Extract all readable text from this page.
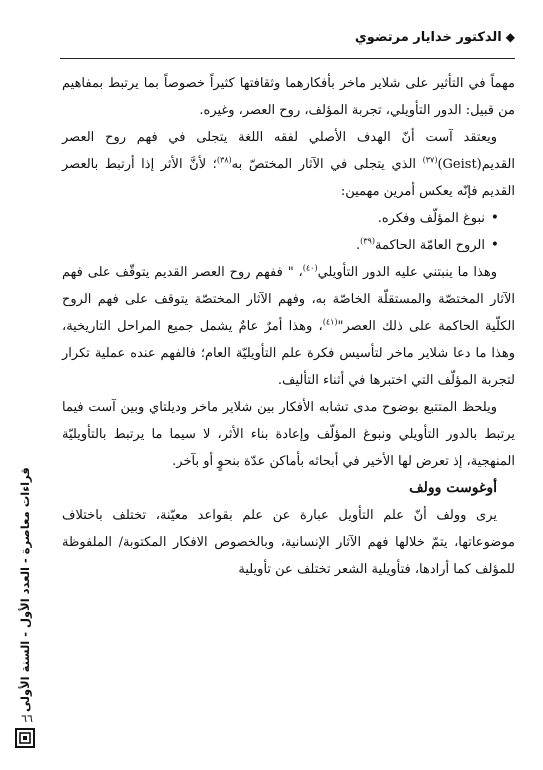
◆الدكتور خدايار مرتضوي

مهماً في التأثير على شلاير ماخر بأفكارهما وثقافتها كثيراً خصوصاً بما يرتبط بمفاهيم من قبيل: الدور التأويلي، تجربة المؤلف، روح العصر، وغيره.

ويعتقد آست أنّ الهدف الأصلي لفقه اللغة يتجلى في فهم روح العصر القديم(Geist)$^{(٣٧)}$ الذي يتجلى في الآثار المختصّ به$^{(٣٨)}$؛ لأنَّ الأثر إذا أرتبط بالعصر القديم فإنّه يعكس أمرين مهمين:

• نبوغ المؤلّف وفكره.
• الروح العامّة الحاكمة$^{(٣٩)}$.

وهذا ما ينبتني عليه الدور التأويلي$^{(٤٠)}$، " ففهم روح العصر القديم يتوقّف على فهم الآثار المختصّة والمستقلّة الخاصّة به، وفهم الآثار المختصّة يتوقف على فهم الروح الكلّية الحاكمة على ذلك العصر"$^{(٤١)}$، وهذا أمرٌ عامٌ يشمل جميع المراحل التاريخية، وهذا ما دعا شلاير ماخر لتأسيس فكرة علم التأويليّة العام؛ فالفهم عنده عملية تكرار لتجربة المؤلّف التي اختبرها في أثناء التأليف.

ويلحظ المتتبع بوضوح مدى تشابه الأفكار بين شلاير ماخر وديلتاي وبين آست فيما يرتبط بالدور التأويلي ونبوغ المؤلّف وإعادة بناء الأثر، لا سيما ما يرتبط بالتأويليّة المنهجية، إذ تعرض لها الأخير في أبحاثه بأماكن عدّة بنحوٍ أو بآخر.

أوغوست وولف

يرى وولف أنّ علم التأويل عبارة عن علم بقواعد معيّنة، تختلف باختلاف موضوعاتها، يتمّ خلالها فهم الآثار الإنسانية، وبالخصوص الافكار المكتوبة/ الملفوظة للمؤلف كما أرادها، فتأويلية الشعر تختلف عن تأويلية

قراءات معاصرة - العدد الأول - السنة الأولى
٦٦
